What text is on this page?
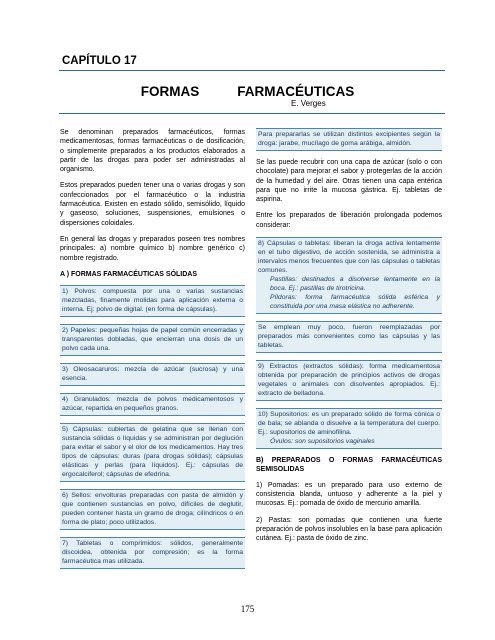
CAPÍTULO 17
FORMAS	FARMACÉUTICAS
E. Verges

Se denominan preparados farmacéuticos, formas medicamentosas, formas farmacéuticas o de dosificación, o simplemente preparados a los productos elaborados a partir de las drogas para poder ser administradas al organismo.

Estos preparados pueden tener una o varias drogas y son confeccionados por el farmacéutico o la industria farmacéutica. Existen en estado sólido, semisólido, líquido y gaseoso, soluciones, suspensiones, emulsiones o dispersiones coloidales.

En general las drogas y preparados poseen tres nombres principales: a) nombre químico b) nombre genérico c) nombre registrado.

A ) FORMAS FARMACÉUTICAS SÓLIDAS
1) Polvos: compuesta por una o varias sustancias mezcladas, finamente molidas para aplicación externa o interna. Ej: polvo de digital. (en forma de cápsulas).
2) Papeles: pequeñas hojas de papel común encerradas y transparentes dobladas, que encierran una dosis de un polvo cada una.
3) Oleosacaruros: mezcla de azúcar (sucrosa) y una esencia.
4) Granulados: mezcla de polvos medicamentosos y azúcar, repartida en pequeños granos.
5) Cápsulas: cubiertas de gelatina que se llenan con sustancia sólidas o líquidas y se administran por deglución para evitar el sabor y el olor de los medicamentos. Hay tres tipos de cápsulas: duras (para drogas sólidas); cápsulas elásticas y perlas (para líquidos). Ej.: cápsulas de ergocalciferol; cápsulas de efedrina.
6) Sellos: envolturas preparadas con pasta de almidón y que contienen sustancias en polvo, difíciles de deglutir, pueden contener hasta un gramo de droga; cilíndricos o en forma de plato; poco utilizados.
7) Tabletas o comprimidos: sólidos, generalmente discoidea, obtenida por compresión; es la forma farmacéutica mas utilizada.
Para prepararlas se utilizan distintos excipientes según la droga: jarabe, mucílago de goma arábiga, almidón.

Se las puede recubrir con una capa de azúcar (solo o con chocolate) para mejorar el sabor y protegerlas de la acción de la humedad y del aire. Otras tienen una capa entérica para que no irrite la mucosa gástrica. Ej. tabletas de aspirina.

Entre los preparados de liberación prolongada podemos considerar:

8) Cápsulas o tabletas: liberan la droga activa lentamente en el tubo digestivo, de acción sostenida, se administra a intervalos menos frecuentes que con las cápsulas o tabletas comunes.
Pastillas: destinados a disolverse lentamente en la boca. Ej.: pastillas de tirotricina.
Píldoras: forma farmacéutica sólida esférica y constituida por una masa elástica no adherente.
Se emplean muy poco, fueron reemplazadas por preparados más convenientes como las cápsulas y las tabletas.
9) Extractos (extractos sólidas): forma medicamentosa obtenida por preparación de principios activos de drogas vegetales o animales con disolventes apropiados. Ej.: extracto de belladona.
10) Supositorios: es un preparado sólido de forma cónica o de bala; se ablanda o disuelve a la temperatura del cuerpo. Ej.: supositorios de aminofilina.
Óvulos: son supositorios vaginales
B) PREPARADOS O FORMAS FARMACÉUTICAS SEMISOLIDAS

1) Pomadas: es un preparado para uso externo de consistencia blanda, untuoso y adherente a la piel y mucosas. Ej.: pomada de óxido de mercurio amarilla.

2) Pastas: son pomadas que contienen una fuerte preparación de polvos insolubles en la base para aplicación cutánea. Ej.: pasta de óxido de zinc.

175
